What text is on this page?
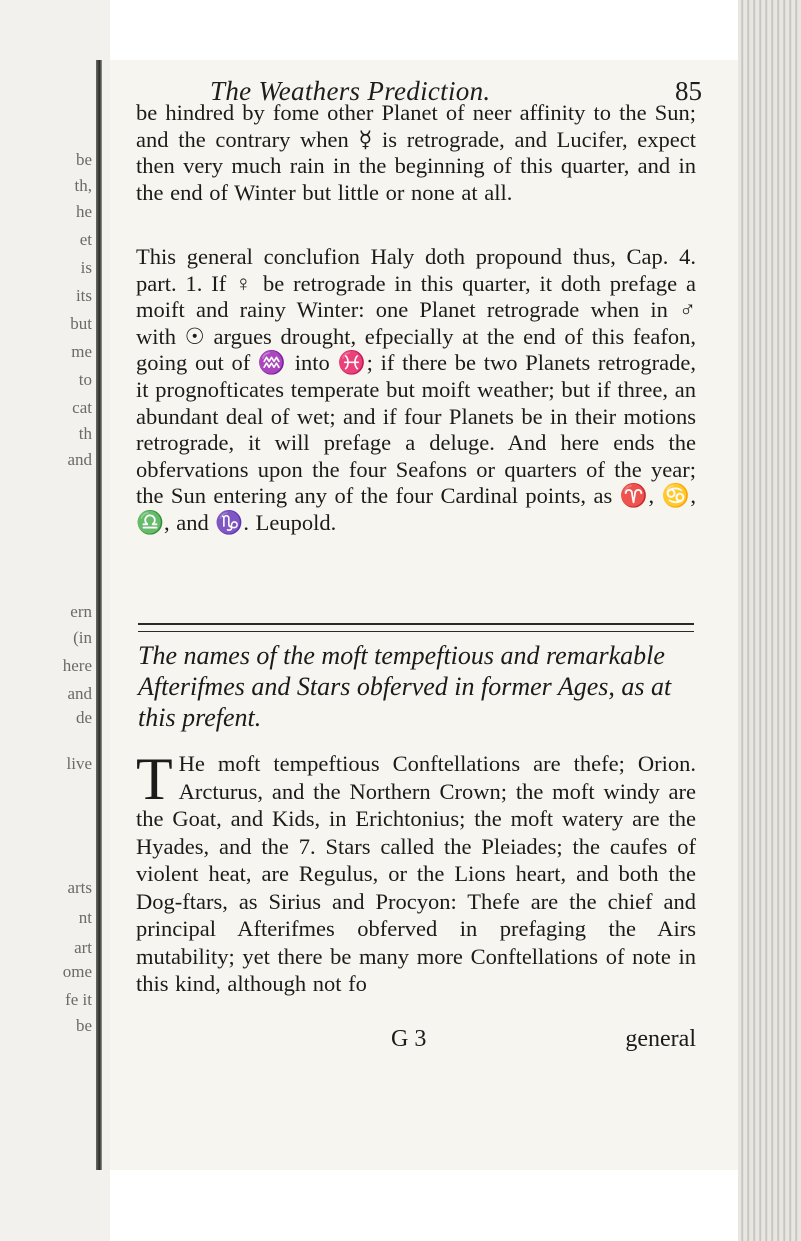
be
th,
he
et
is
its
but
me
to
cat
th
and
ern
(in
here
and
de
live
arts
nt
art
ome
fe it
be
The Weathers Prediction.	85

be hindred by fome other Planet of neer affinity to the Sun; and the contrary when ☿ is retrograde, and Lucifer, expect then very much rain in the beginning of this quarter, and in the end of Winter but little or none at all.

This general conclufion Haly doth propound thus, Cap. 4. part. 1. If ♀ be retrograde in this quarter, it doth prefage a moift and rainy Winter: one Planet retrograde when in ♂ with ☉ argues drought, efpecially at the end of this feafon, going out of ♒ into ♓; if there be two Planets retrograde, it prognofticates temperate but moift weather; but if three, an abundant deal of wet; and if four Planets be in their motions retrograde, it will prefage a deluge. And here ends the obfervations upon the four Seafons or quarters of the year; the Sun entering any of the four Cardinal points, as ♈, ♋, ♎, and ♑. Leupold.

The names of the moft tempeftious and remarkable Afterifmes and Stars obferved in former Ages, as at this prefent.

T He moft tempeftious Conftellations are thefe; Orion. Arcturus, and the Northern Crown; the moft windy are the Goat, and Kids, in Erichtonius; the moft watery are the Hyades, and the 7. Stars called the Pleiades; the caufes of violent heat, are Regulus, or the Lions heart, and both the Dog-ftars, as Sirius and Procyon: Thefe are the chief and principal Afterifmes obferved in prefaging the Airs mutability; yet there be many more Conftellations of note in this kind, although not fo

G 3	general
